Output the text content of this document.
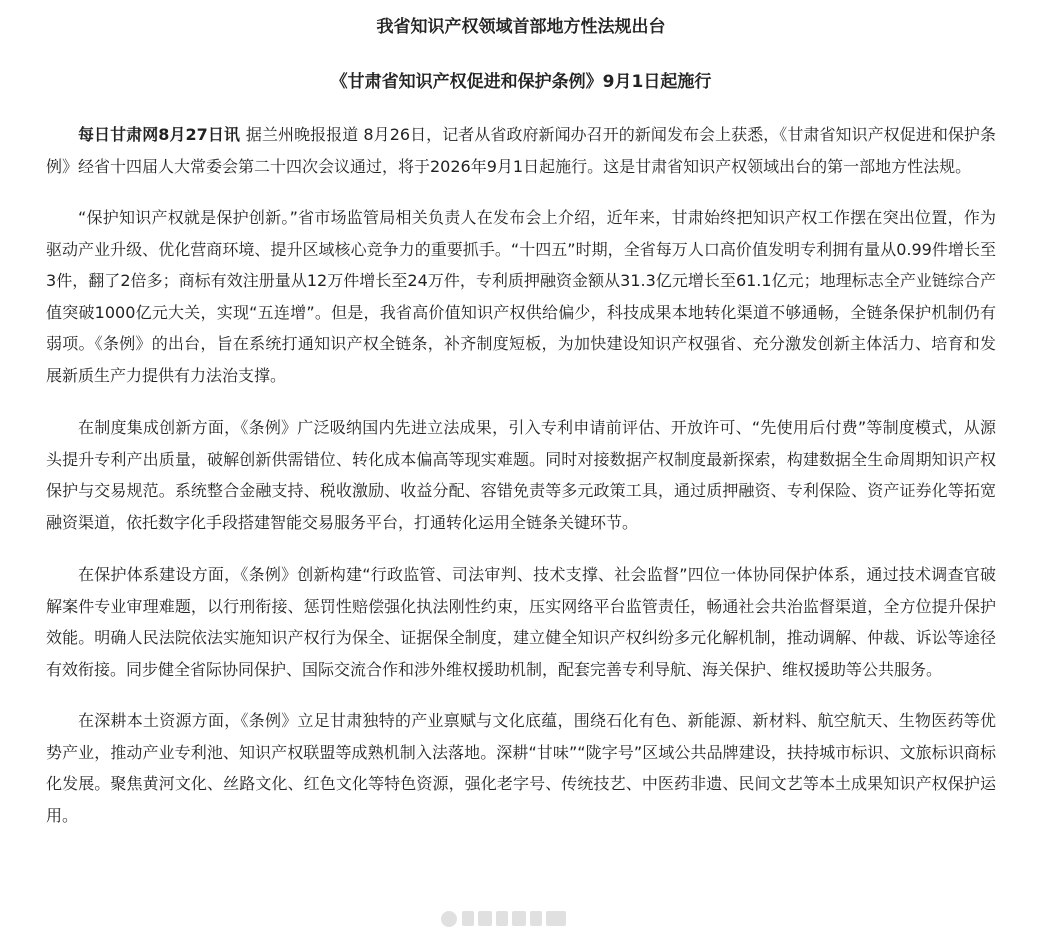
我省知识产权领域首部地方性法规出台
《甘肃省知识产权促进和保护条例》9月1日起施行

每日甘肃网8月27日讯 据兰州晚报报道 8月26日，记者从省政府新闻办召开的新闻发布会上获悉，《甘肃省知识产权促进和保护条例》经省十四届人大常委会第二十四次会议通过，将于2026年9月1日起施行。这是甘肃省知识产权领域出台的第一部地方性法规。

“保护知识产权就是保护创新。”省市场监管局相关负责人在发布会上介绍，近年来，甘肃始终把知识产权工作摆在突出位置，作为驱动产业升级、优化营商环境、提升区域核心竞争力的重要抓手。“十四五”时期，全省每万人口高价值发明专利拥有量从0.99件增长至3件，翻了2倍多；商标有效注册量从12万件增长至24万件，专利质押融资金额从31.3亿元增长至61.1亿元；地理标志全产业链综合产值突破1000亿元大关，实现“五连增”。但是，我省高价值知识产权供给偏少，科技成果本地转化渠道不够通畅，全链条保护机制仍有弱项。《条例》的出台，旨在系统打通知识产权全链条，补齐制度短板，为加快建设知识产权强省、充分激发创新主体活力、培育和发展新质生产力提供有力法治支撑。

在制度集成创新方面，《条例》广泛吸纳国内先进立法成果，引入专利申请前评估、开放许可、“先使用后付费”等制度模式，从源头提升专利产出质量，破解创新供需错位、转化成本偏高等现实难题。同时对接数据产权制度最新探索，构建数据全生命周期知识产权保护与交易规范。系统整合金融支持、税收激励、收益分配、容错免责等多元政策工具，通过质押融资、专利保险、资产证券化等拓宽融资渠道，依托数字化手段搭建智能交易服务平台，打通转化运用全链条关键环节。

在保护体系建设方面，《条例》创新构建“行政监管、司法审判、技术支撑、社会监督”四位一体协同保护体系，通过技术调查官破解案件专业审理难题，以行刑衔接、惩罚性赔偿强化执法刚性约束，压实网络平台监管责任，畅通社会共治监督渠道，全方位提升保护效能。明确人民法院依法实施知识产权行为保全、证据保全制度，建立健全知识产权纠纷多元化解机制，推动调解、仲裁、诉讼等途径有效衔接。同步健全省际协同保护、国际交流合作和涉外维权援助机制，配套完善专利导航、海关保护、维权援助等公共服务。

在深耕本土资源方面，《条例》立足甘肃独特的产业禀赋与文化底蕴，围绕石化有色、新能源、新材料、航空航天、生物医药等优势产业，推动产业专利池、知识产权联盟等成熟机制入法落地。深耕“甘味”“陇字号”区域公共品牌建设，扶持城市标识、文旅标识商标化发展。聚焦黄河文化、丝路文化、红色文化等特色资源，强化老字号、传统技艺、中医药非遗、民间文艺等本土成果知识产权保护运用。
